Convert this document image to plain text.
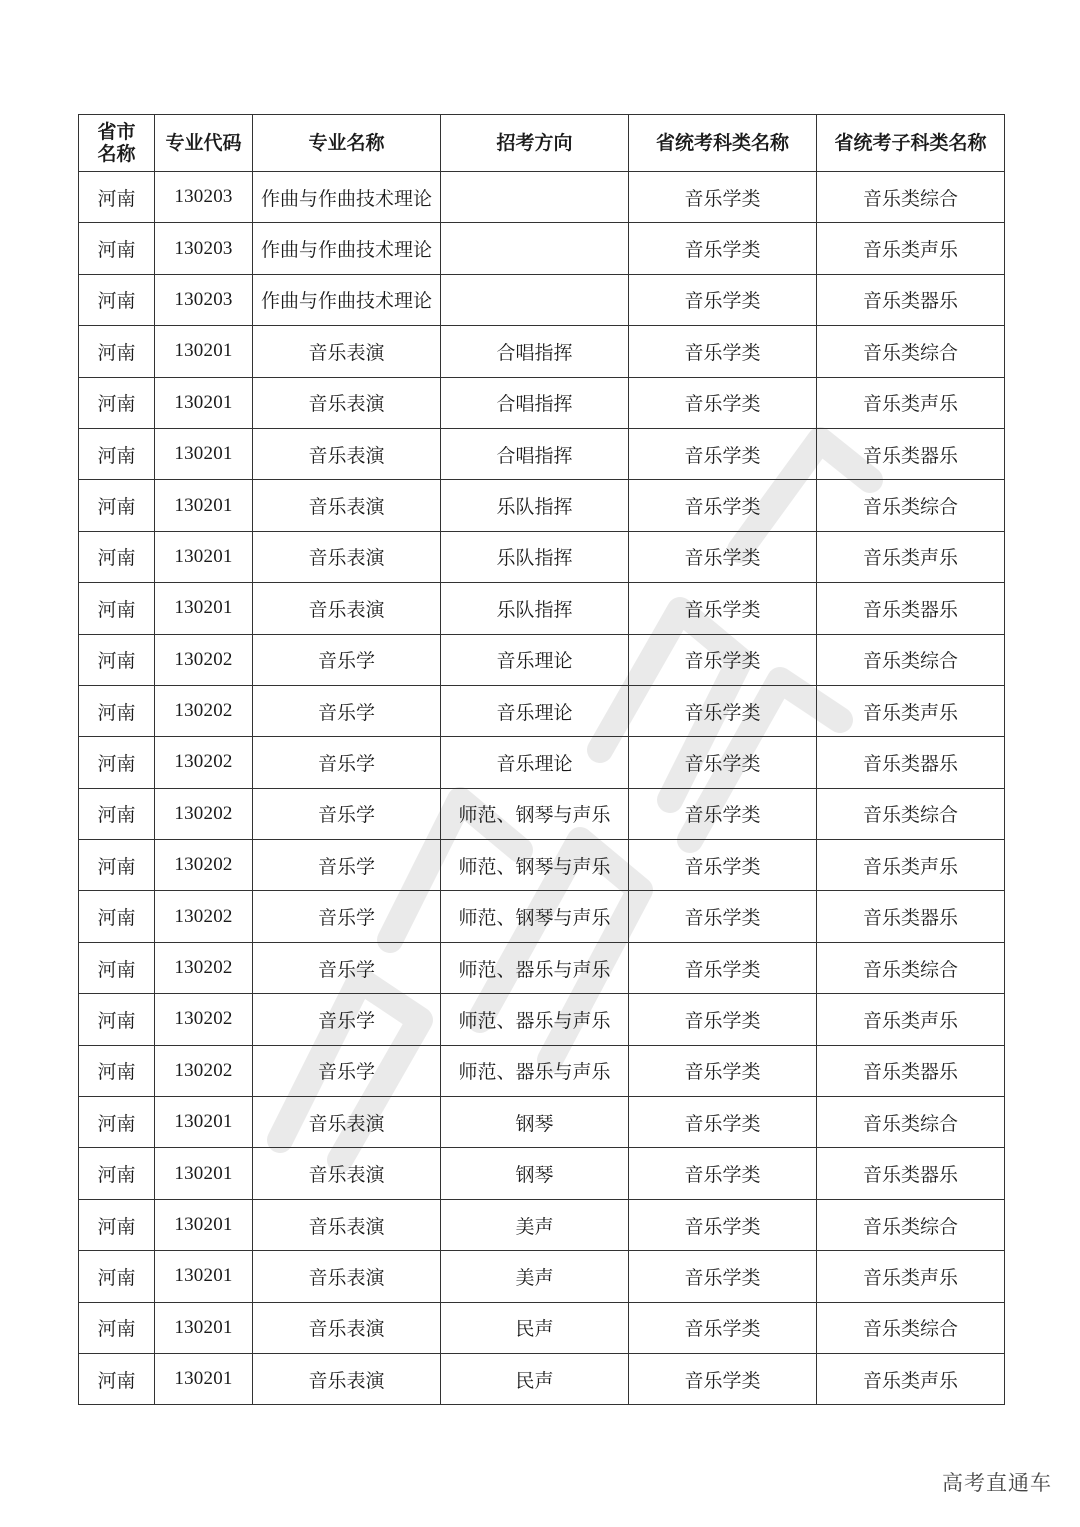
省市名称	专业代码	专业名称	招考方向	省统考科类名称	省统考子科类名称
河南	130203	作曲与作曲技术理论		音乐学类	音乐类综合
河南	130203	作曲与作曲技术理论		音乐学类	音乐类声乐
河南	130203	作曲与作曲技术理论		音乐学类	音乐类器乐
河南	130201	音乐表演	合唱指挥	音乐学类	音乐类综合
河南	130201	音乐表演	合唱指挥	音乐学类	音乐类声乐
河南	130201	音乐表演	合唱指挥	音乐学类	音乐类器乐
河南	130201	音乐表演	乐队指挥	音乐学类	音乐类综合
河南	130201	音乐表演	乐队指挥	音乐学类	音乐类声乐
河南	130201	音乐表演	乐队指挥	音乐学类	音乐类器乐
河南	130202	音乐学	音乐理论	音乐学类	音乐类综合
河南	130202	音乐学	音乐理论	音乐学类	音乐类声乐
河南	130202	音乐学	音乐理论	音乐学类	音乐类器乐
河南	130202	音乐学	师范、钢琴与声乐	音乐学类	音乐类综合
河南	130202	音乐学	师范、钢琴与声乐	音乐学类	音乐类声乐
河南	130202	音乐学	师范、钢琴与声乐	音乐学类	音乐类器乐
河南	130202	音乐学	师范、器乐与声乐	音乐学类	音乐类综合
河南	130202	音乐学	师范、器乐与声乐	音乐学类	音乐类声乐
河南	130202	音乐学	师范、器乐与声乐	音乐学类	音乐类器乐
河南	130201	音乐表演	钢琴	音乐学类	音乐类综合
河南	130201	音乐表演	钢琴	音乐学类	音乐类器乐
河南	130201	音乐表演	美声	音乐学类	音乐类综合
河南	130201	音乐表演	美声	音乐学类	音乐类声乐
河南	130201	音乐表演	民声	音乐学类	音乐类综合
河南	130201	音乐表演	民声	音乐学类	音乐类声乐
高考直通车
